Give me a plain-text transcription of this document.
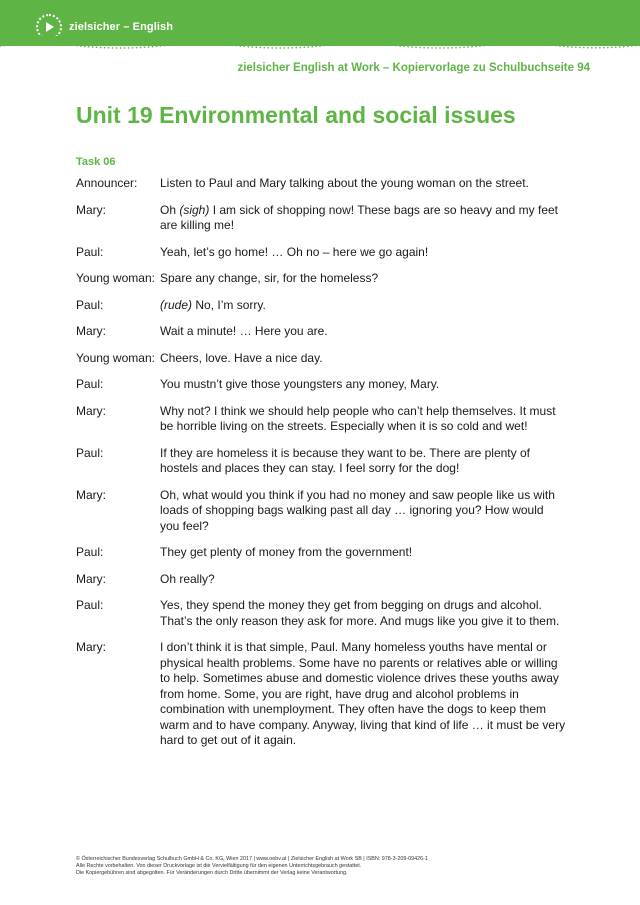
zielsicher – English
zielsicher English at Work – Kopiervorlage zu Schulbuchseite 94
Unit 19 Environmental and social issues
Task 06
Announcer:	Listen to Paul and Mary talking about the young woman on the street.
Mary:	Oh (sigh) I am sick of shopping now! These bags are so heavy and my feet are killing me!
Paul:	Yeah, let’s go home! … Oh no – here we go again!
Young woman: Spare any change, sir, for the homeless?
Paul:	(rude) No, I’m sorry.
Mary:	Wait a minute! … Here you are.
Young woman: Cheers, love. Have a nice day.
Paul:	You mustn’t give those youngsters any money, Mary.
Mary:	Why not? I think we should help people who can’t help themselves. It must be horrible living on the streets. Especially when it is so cold and wet!
Paul:	If they are homeless it is because they want to be. There are plenty of hostels and places they can stay. I feel sorry for the dog!
Mary:	Oh, what would you think if you had no money and saw people like us with loads of shopping bags walking past all day … ignoring you? How would you feel?
Paul:	They get plenty of money from the government!
Mary:	Oh really?
Paul:	Yes, they spend the money they get from begging on drugs and alcohol. That’s the only reason they ask for more. And mugs like you give it to them.
Mary:	I don’t think it is that simple, Paul. Many homeless youths have mental or physical health problems. Some have no parents or relatives able or willing to help. Sometimes abuse and domestic violence drives these youths away from home. Some, you are right, have drug and alcohol problems in combination with unemployment. They often have the dogs to keep them warm and to have company. Anyway, living that kind of life … it must be very hard to get out of it again.
© Österreichischer Bundesverlag Schulbuch GmbH & Co. KG, Wien 2017 | www.oebv.at | Zielsicher English at Work SB | ISBN: 978-3-209-09426-1
Alle Rechte vorbehalten. Von dieser Druckvorlage ist die Vervielfältigung für den eigenen Unterrichtsgebrauch gestattet.
Die Kopiergebühren sind abgegolten. Für Veränderungen durch Dritte übernimmt der Verlag keine Verantwortung.
